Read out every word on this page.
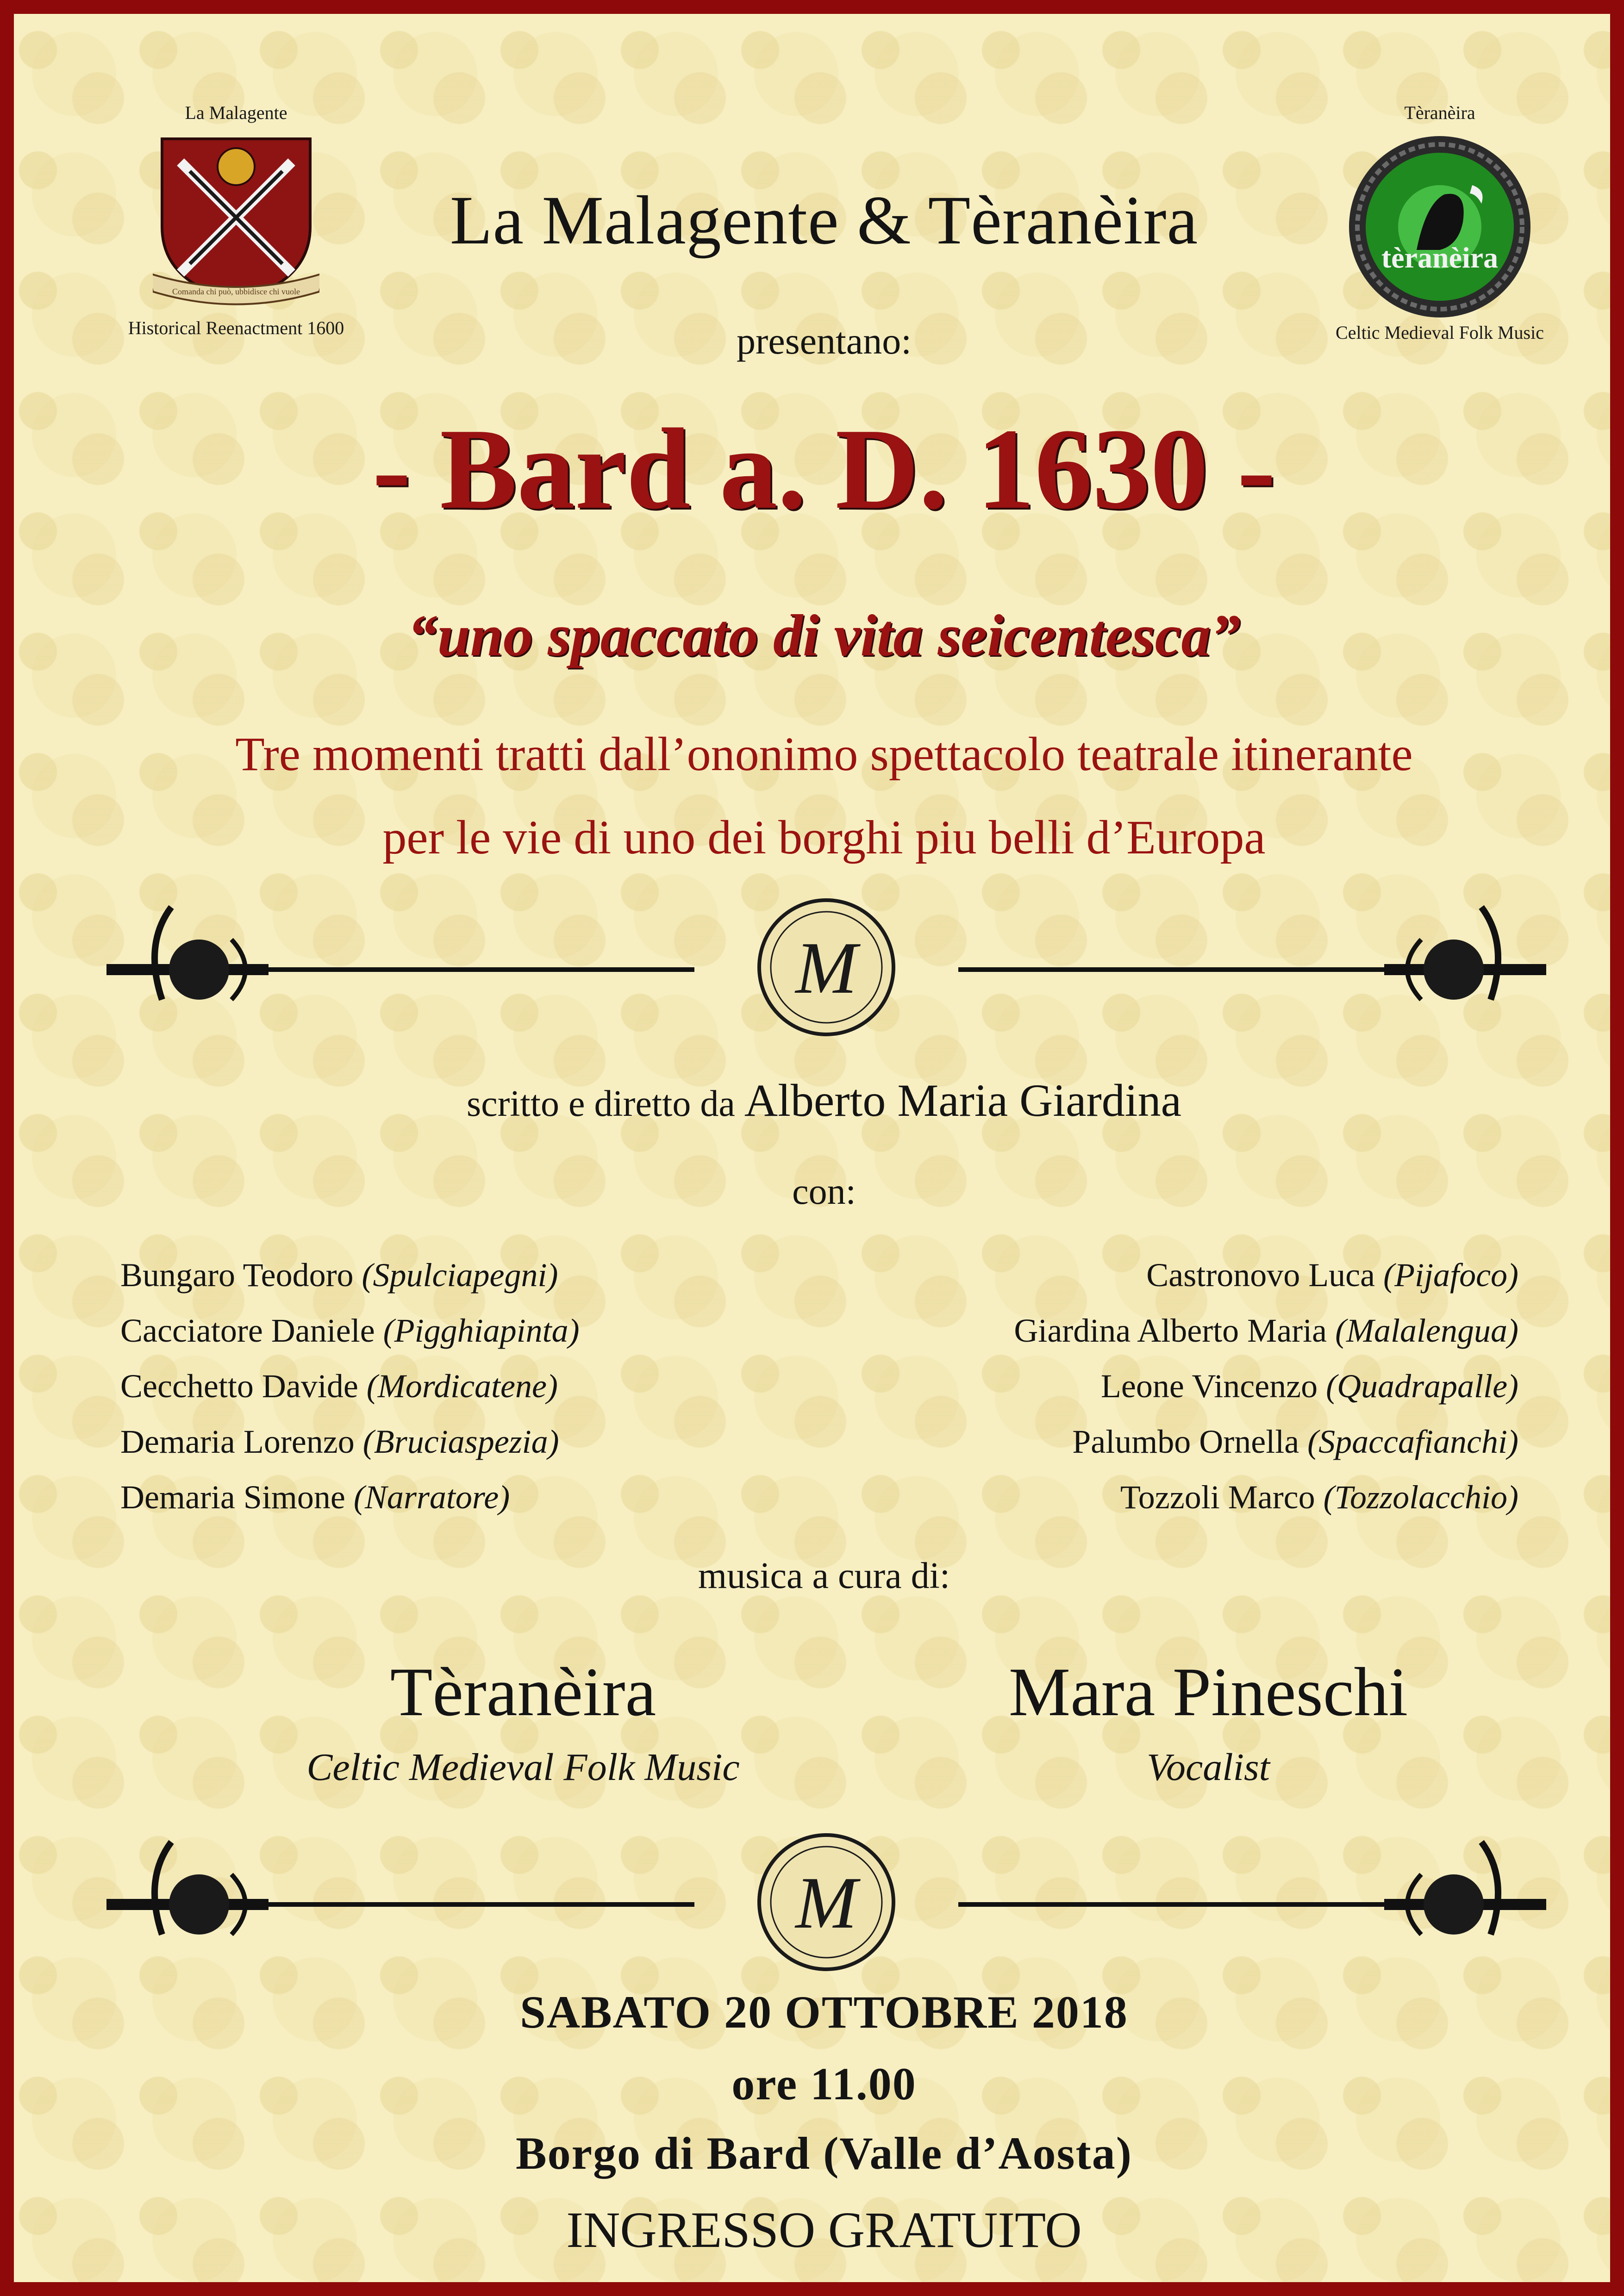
La Malagente
Comanda chi può, ubbidisce chi vuole
Historical Reenactment 1600
Tèranèira
tèranèira
Celtic Medieval Folk Music
La Malagente & Tèranèira
presentano:
- Bard a. D. 1630 -
“uno spaccato di vita seicentesca”
Tre momenti tratti dall’ononimo spettacolo teatrale itinerante
per le vie di uno dei borghi piu belli d’Europa
M
scritto e diretto da Alberto Maria Giardina
con:
Bungaro Teodoro (Spulciapegni)
Cacciatore Daniele (Pigghiapinta)
Cecchetto Davide (Mordicatene)
Demaria Lorenzo (Bruciaspezia)
Demaria Simone (Narratore)
Castronovo Luca (Pijafoco)
Giardina Alberto Maria (Malalengua)
Leone Vincenzo (Quadrapalle)
Palumbo Ornella (Spaccafianchi)
Tozzoli Marco (Tozzolacchio)
musica a cura di:
Tèranèira
Celtic Medieval Folk Music
Mara Pineschi
Vocalist
M
SABATO 20 OTTOBRE 2018
ore 11.00
Borgo di Bard (Valle d’Aosta)
INGRESSO GRATUITO
